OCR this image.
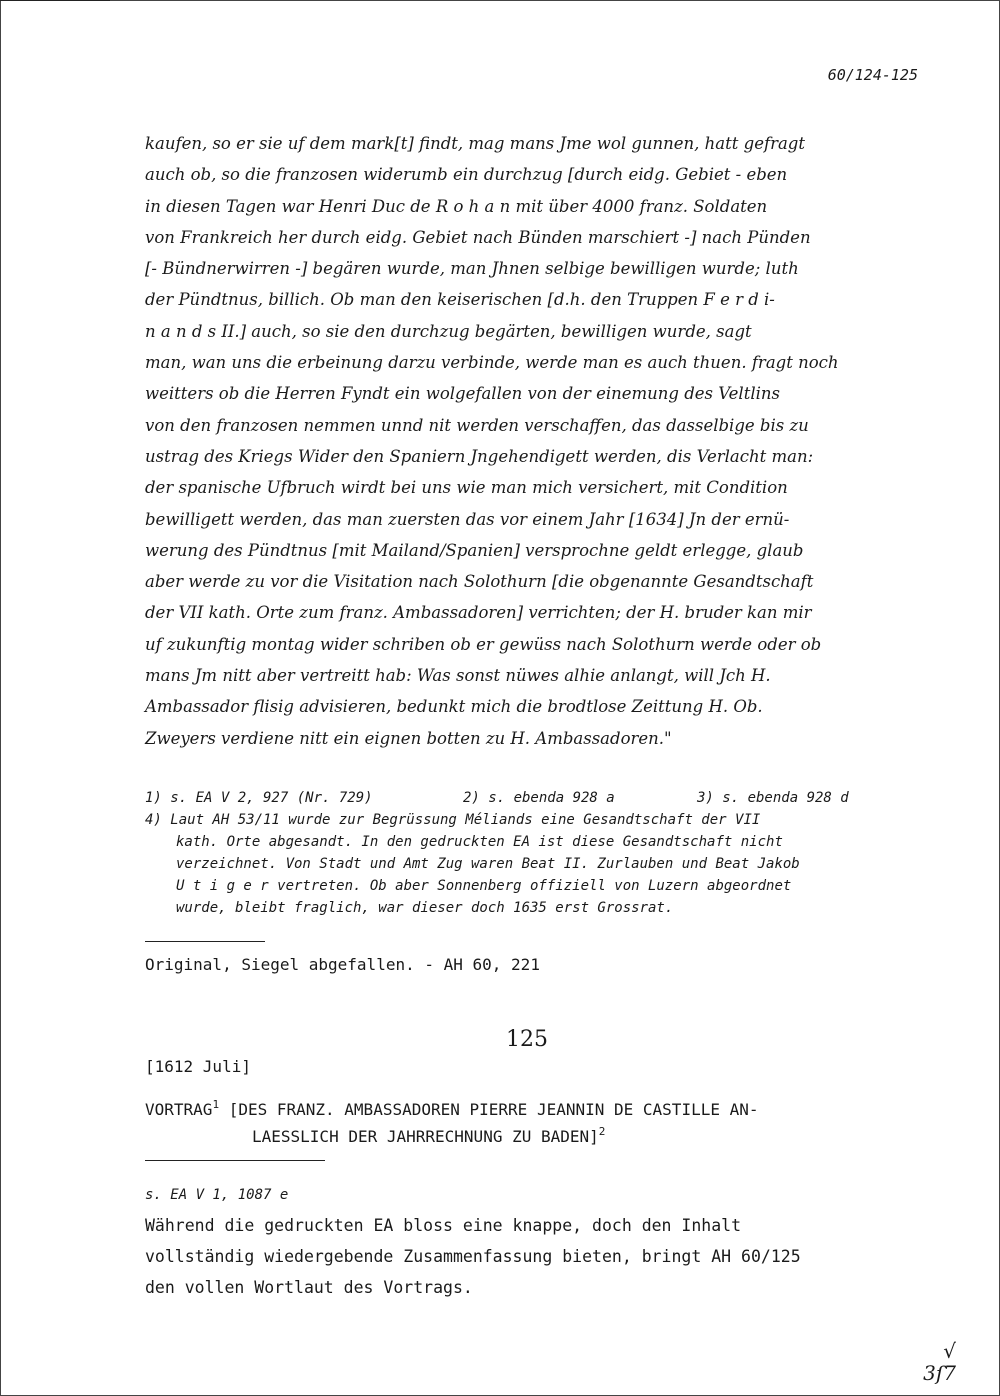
60/124-125
kaufen, so er sie uf dem mark[t] findt, mag mans Jme wol gunnen, hatt gefragt
auch ob, so die franzosen widerumb ein durchzug [durch eidg. Gebiet - eben
in diesen Tagen war Henri Duc de R o h a n mit über 4000 franz. Soldaten
von Frankreich her durch eidg. Gebiet nach Bünden marschiert -] nach Pünden
[- Bündnerwirren -] begären wurde, man Jhnen selbige bewilligen wurde; luth
der Pündtnus, billich. Ob man den keiserischen [d.h. den Truppen F e r d i-
n a n d s II.] auch, so sie den durchzug begärten, bewilligen wurde, sagt
man, wan uns die erbeinung darzu verbinde, werde man es auch thuen. fragt noch
weitters ob die Herren Fyndt ein wolgefallen von der einemung des Veltlins
von den franzosen nemmen unnd nit werden verschaffen, das dasselbige bis zu
ustrag des Kriegs Wider den Spaniern Jngehendigett werden, dis Verlacht man:
der spanische Ufbruch wirdt bei uns wie man mich versichert, mit Condition
bewilligett werden, das man zuersten das vor einem Jahr [1634] Jn der ernü-
werung des Pündtnus [mit Mailand/Spanien] versprochne geldt erlegge, glaub
aber werde zu vor die Visitation nach Solothurn [die obgenannte Gesandtschaft
der VII kath. Orte zum franz. Ambassadoren] verrichten; der H. bruder kan mir
uf zukunftig montag wider schriben ob er gewüss nach Solothurn werde oder ob
mans Jm nitt aber vertreitt hab: Was sonst nüwes alhie anlangt, will Jch H.
Ambassador flisig advisieren, bedunkt mich die brodtlose Zeittung H. Ob.
Zweyers verdiene nitt ein eignen botten zu H. Ambassadoren."
1) s. EA V 2, 927 (Nr. 729)	2) s. ebenda 928 a	3) s. ebenda 928 d
4) Laut AH 53/11 wurde zur Begrüssung Méliands eine Gesandtschaft der VII
kath. Orte abgesandt. In den gedruckten EA ist diese Gesandtschaft nicht
verzeichnet. Von Stadt und Amt Zug waren Beat II. Zurlauben und Beat Jakob
U t i g e r vertreten. Ob aber Sonnenberg offiziell von Luzern abgeordnet
wurde, bleibt fraglich, war dieser doch 1635 erst Grossrat.
Original, Siegel abgefallen. - AH 60, 221
125
[1612 Juli]
VORTRAG$^1$ [DES FRANZ. AMBASSADOREN PIERRE JEANNIN DE CASTILLE AN-
LAESSLICH DER JAHRRECHNUNG ZU BADEN]$^2$
s. EA V 1, 1087 e
Während die gedruckten EA bloss eine knappe, doch den Inhalt
vollständig wiedergebende Zusammenfassung bieten, bringt AH 60/125
den vollen Wortlaut des Vortrags.
√
3ſ7
